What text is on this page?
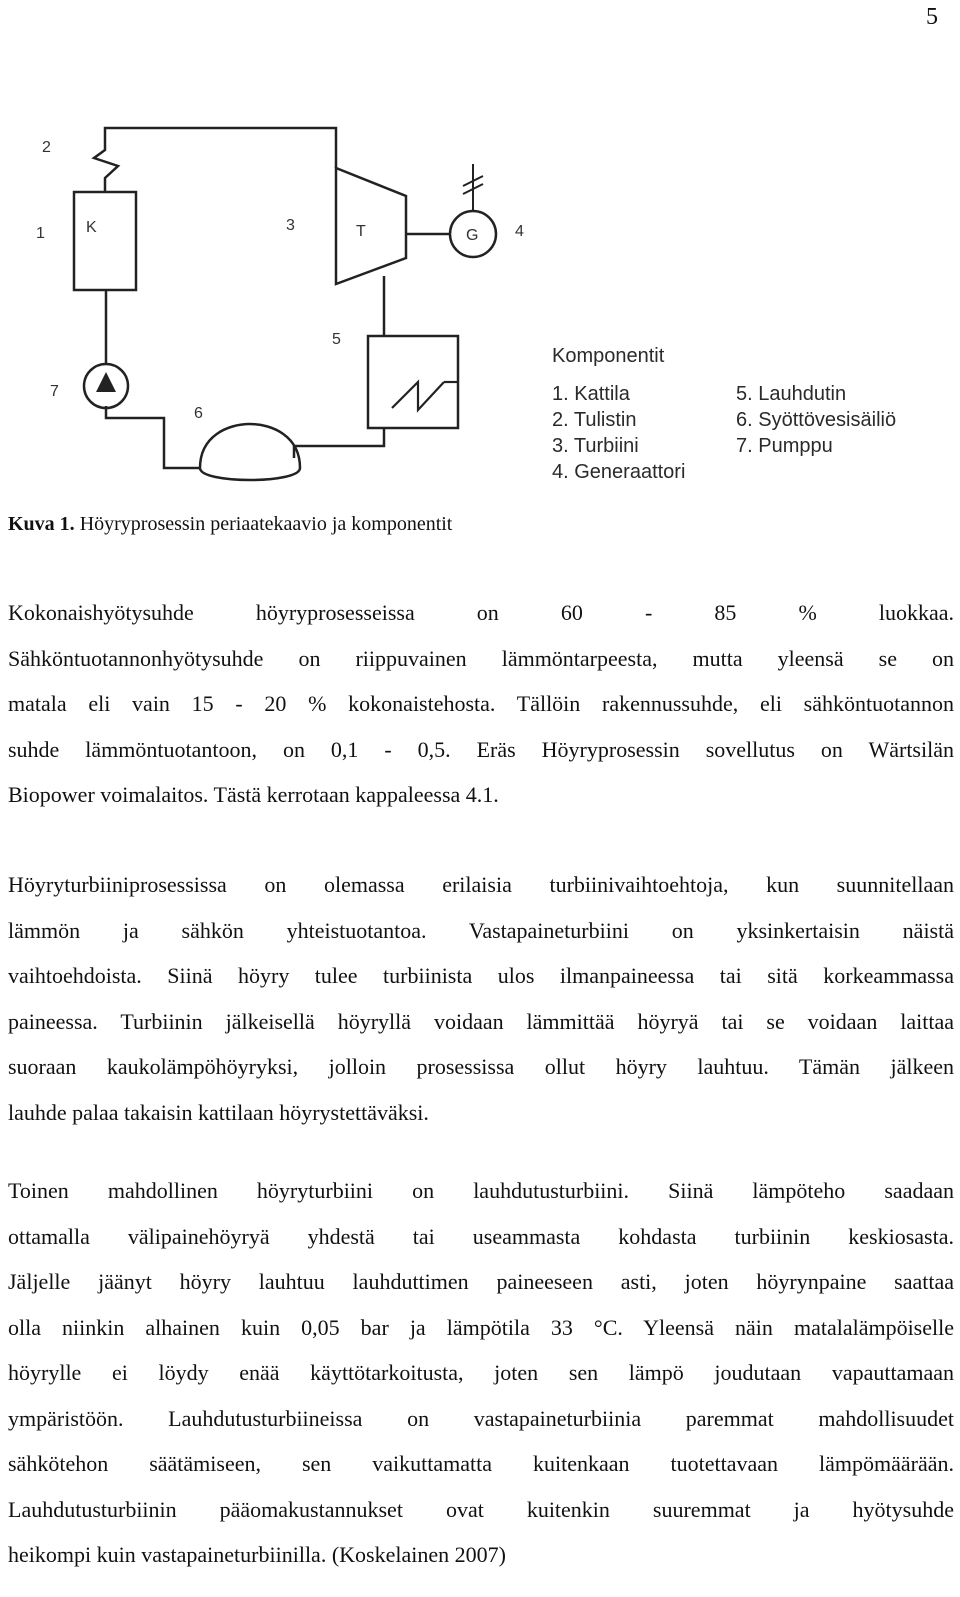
5
2
1	3	4
5
6
7
K	T	G
Komponentit
1. Kattila
2. Tulistin
3. Turbiini
4. Generaattori
5. Lauhdutin
6. Syöttövesisäiliö
7. Pumppu
Kuva 1. Höyryprosessin periaatekaavio ja komponentit
Kokonaishyötysuhde höyryprosesseissa on 60 - 85 % luokkaa.
Sähköntuotannonhyötysuhde on riippuvainen lämmöntarpeesta, mutta yleensä se on
matala eli vain 15 - 20 % kokonaistehosta. Tällöin rakennussuhde, eli sähköntuotannon
suhde lämmöntuotantoon, on 0,1 - 0,5. Eräs Höyryprosessin sovellutus on Wärtsilän
Biopower voimalaitos. Tästä kerrotaan kappaleessa 4.1.
Höyryturbiiniprosessissa on olemassa erilaisia turbiinivaihtoehtoja, kun suunnitellaan
lämmön ja sähkön yhteistuotantoa. Vastapaineturbiini on yksinkertaisin näistä
vaihtoehdoista. Siinä höyry tulee turbiinista ulos ilmanpaineessa tai sitä korkeammassa
paineessa. Turbiinin jälkeisellä höyryllä voidaan lämmittää höyryä tai se voidaan laittaa
suoraan kaukolämpöhöyryksi, jolloin prosessissa ollut höyry lauhtuu. Tämän jälkeen
lauhde palaa takaisin kattilaan höyrystettäväksi.
Toinen mahdollinen höyryturbiini on lauhdutusturbiini. Siinä lämpöteho saadaan
ottamalla välipainehöyryä yhdestä tai useammasta kohdasta turbiinin keskiosasta.
Jäljelle jäänyt höyry lauhtuu lauhduttimen paineeseen asti, joten höyrynpaine saattaa
olla niinkin alhainen kuin 0,05 bar ja lämpötila 33 °C. Yleensä näin matalalämpöiselle
höyrylle ei löydy enää käyttötarkoitusta, joten sen lämpö joudutaan vapauttamaan
ympäristöön. Lauhdutusturbiineissa on vastapaineturbiinia paremmat mahdollisuudet
sähkötehon säätämiseen, sen vaikuttamatta kuitenkaan tuotettavaan lämpömäärään.
Lauhdutusturbiinin pääomakustannukset ovat kuitenkin suuremmat ja hyötysuhde
heikompi kuin vastapaineturbiinilla. (Koskelainen 2007)
